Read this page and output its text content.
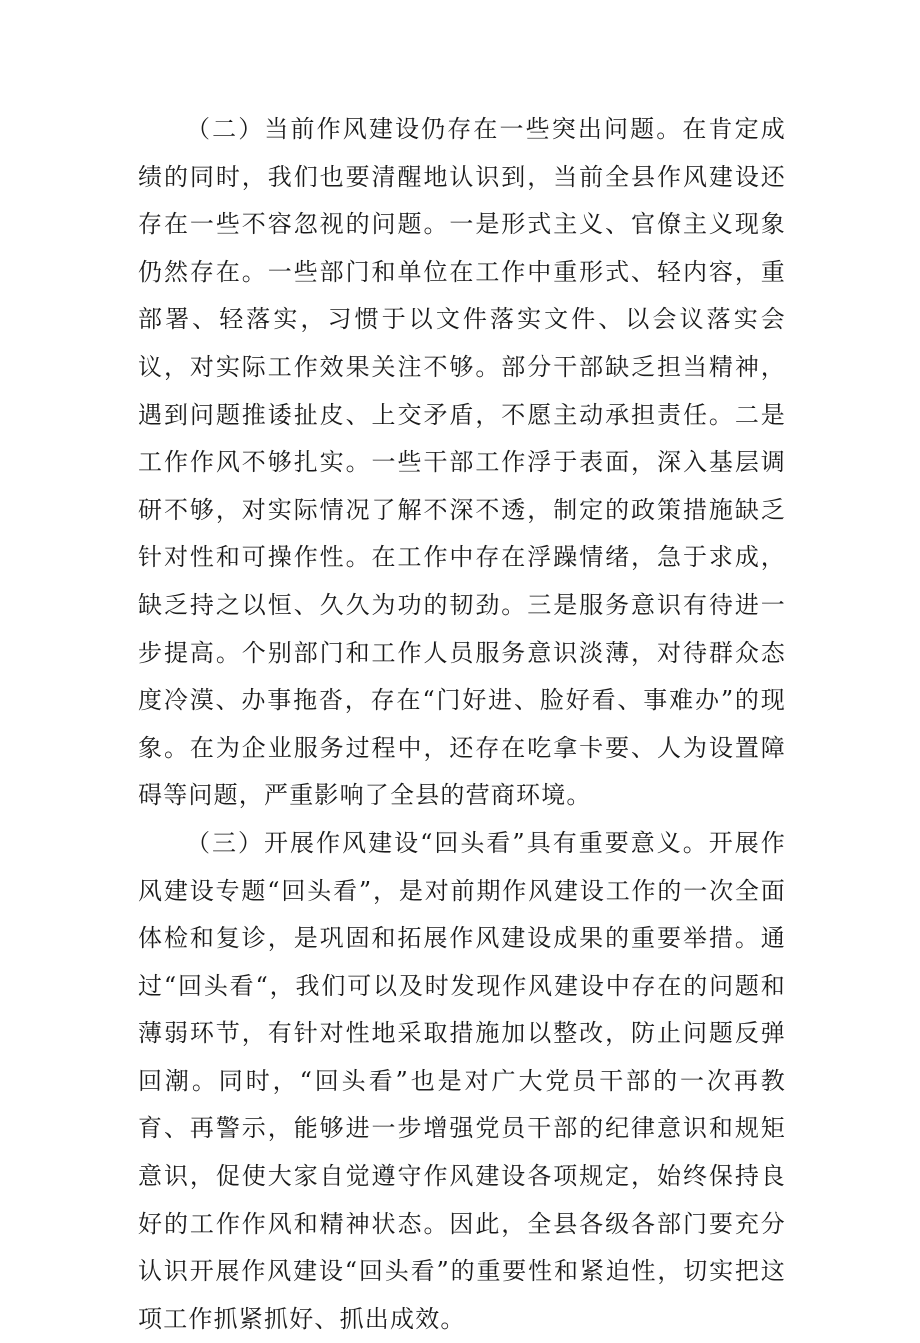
（二）当前作风建设仍存在一些突出问题。在肯定成绩的同时，我们也要清醒地认识到，当前全县作风建设还存在一些不容忽视的问题。一是形式主义、官僚主义现象仍然存在。一些部门和单位在工作中重形式、轻内容，重部署、轻落实，习惯于以文件落实文件、以会议落实会议，对实际工作效果关注不够。部分干部缺乏担当精神，遇到问题推诿扯皮、上交矛盾，不愿主动承担责任。二是工作作风不够扎实。一些干部工作浮于表面，深入基层调研不够，对实际情况了解不深不透，制定的政策措施缺乏针对性和可操作性。在工作中存在浮躁情绪，急于求成，缺乏持之以恒、久久为功的韧劲。三是服务意识有待进一步提高。个别部门和工作人员服务意识淡薄，对待群众态度冷漠、办事拖沓，存在“门好进、脸好看、事难办”的现象。在为企业服务过程中，还存在吃拿卡要、人为设置障碍等问题，严重影响了全县的营商环境。

（三）开展作风建设“回头看”具有重要意义。开展作风建设专题“回头看”，是对前期作风建设工作的一次全面体检和复诊，是巩固和拓展作风建设成果的重要举措。通过“回头看“，我们可以及时发现作风建设中存在的问题和薄弱环节，有针对性地采取措施加以整改，防止问题反弹回潮。同时，“回头看”也是对广大党员干部的一次再教育、再警示，能够进一步增强党员干部的纪律意识和规矩意识，促使大家自觉遵守作风建设各项规定，始终保持良好的工作作风和精神状态。因此，全县各级各部门要充分认识开展作风建设“回头看”的重要性和紧迫性，切实把这项工作抓紧抓好、抓出成效。
